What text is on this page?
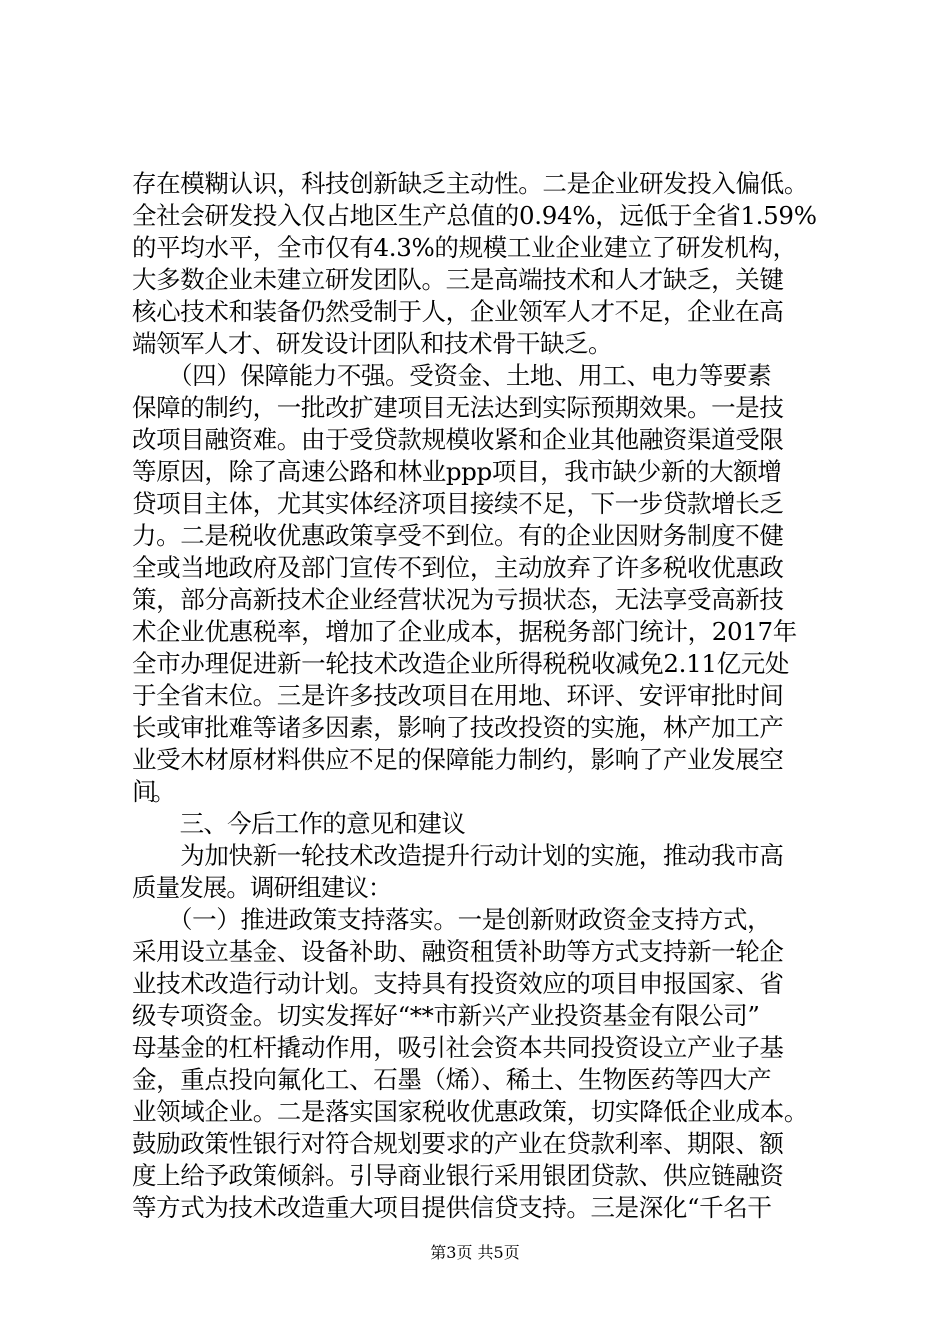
存在模糊认识，科技创新缺乏主动性。二是企业研发投入偏低。
全社会研发投入仅占地区生产总值的0.94%，远低于全省1.59%
的平均水平，全市仅有4.3%的规模工业企业建立了研发机构，
大多数企业未建立研发团队。三是高端技术和人才缺乏，关键
核心技术和装备仍然受制于人，企业领军人才不足，企业在高
端领军人才、研发设计团队和技术骨干缺乏。
　　（四）保障能力不强。受资金、土地、用工、电力等要素
保障的制约，一批改扩建项目无法达到实际预期效果。一是技
改项目融资难。由于受贷款规模收紧和企业其他融资渠道受限
等原因，除了高速公路和林业ppp项目，我市缺少新的大额增
贷项目主体，尤其实体经济项目接续不足，下一步贷款增长乏
力。二是税收优惠政策享受不到位。有的企业因财务制度不健
全或当地政府及部门宣传不到位，主动放弃了许多税收优惠政
策，部分高新技术企业经营状况为亏损状态，无法享受高新技
术企业优惠税率，增加了企业成本，据税务部门统计，2017年
全市办理促进新一轮技术改造企业所得税税收减免2.11亿元处
于全省末位。三是许多技改项目在用地、环评、安评审批时间
长或审批难等诸多因素，影响了技改投资的实施，林产加工产
业受木材原材料供应不足的保障能力制约，影响了产业发展空
间。
　　三、今后工作的意见和建议
　　为加快新一轮技术改造提升行动计划的实施，推动我市高
质量发展。调研组建议：
　　（一）推进政策支持落实。一是创新财政资金支持方式，
采用设立基金、设备补助、融资租赁补助等方式支持新一轮企
业技术改造行动计划。支持具有投资效应的项目申报国家、省
级专项资金。切实发挥好“**市新兴产业投资基金有限公司”
母基金的杠杆撬动作用，吸引社会资本共同投资设立产业子基
金，重点投向氟化工、石墨（烯）、稀土、生物医药等四大产
业领域企业。二是落实国家税收优惠政策，切实降低企业成本。
鼓励政策性银行对符合规划要求的产业在贷款利率、期限、额
度上给予政策倾斜。引导商业银行采用银团贷款、供应链融资
等方式为技术改造重大项目提供信贷支持。三是深化“千名干
第3页 共5页
